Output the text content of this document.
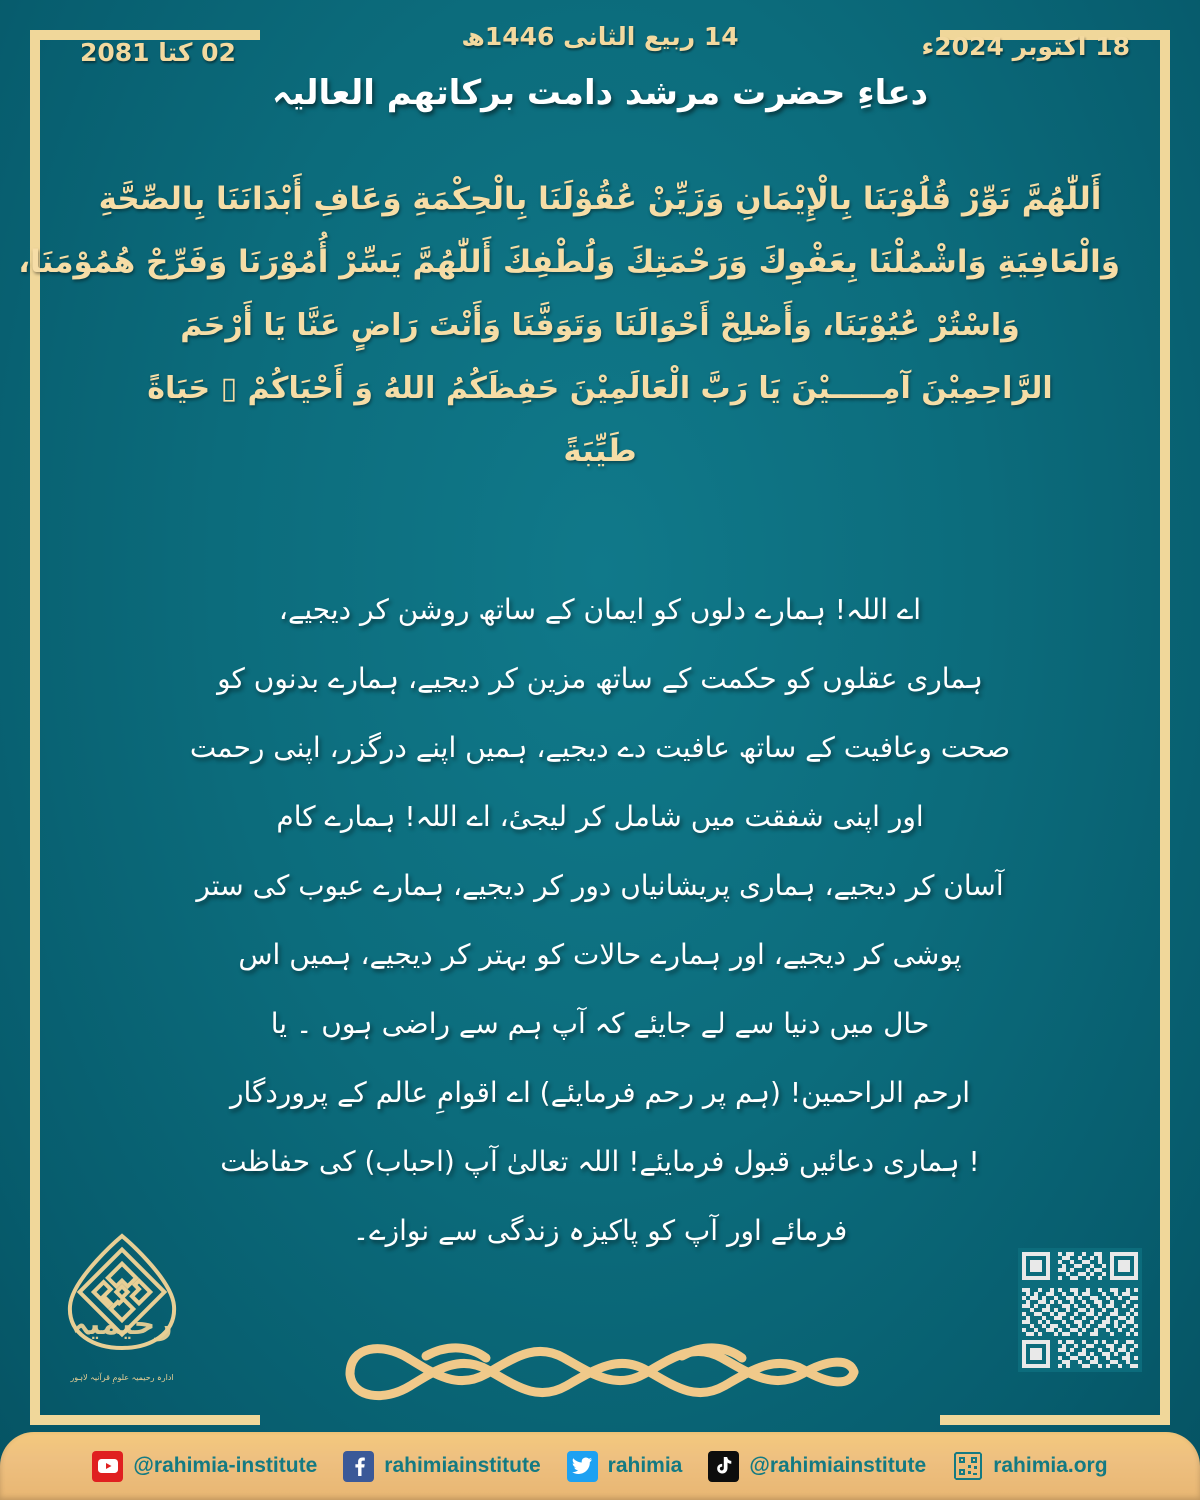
02 کتا 2081
14 ربیع الثانی 1446ھ	18 اکتوبر 2024ء
دعاءِ حضرت مرشد دامت برکاتھم العالیہ
أَللّٰهُمَّ نَوِّرْ قُلُوْبَنَا بِالْإِيْمَانِ وَزَيِّنْ عُقُوْلَنَا بِالْحِكْمَةِ وَعَافِ أَبْدَانَنَا بِالصِّحَّةِ
وَالْعَافِيَةِ وَاشْمُلْنَا بِعَفْوِكَ وَرَحْمَتِكَ وَلُطْفِكَ أَللّٰهُمَّ يَسِّرْ أُمُوْرَنَا وَفَرِّجْ هُمُوْمَنَا،
وَاسْتُرْ عُيُوْبَنَا، وَأَصْلِحْ أَحْوَالَنَا وَتَوَفَّنَا وَأَنْتَ رَاضٍ عَنَّا يَا أَرْحَمَ
الرَّاحِمِيْنَ آمِـــــيْنَ يَا رَبَّ الْعَالَمِيْنَ حَفِظَكُمُ اللهُ وَ أَحْيَاكُمْ ▯ حَيَاةً
طَيِّبَةً
اے اللہ! ہمارے دلوں کو ایمان کے ساتھ روشن کر دیجیے،
ہماری عقلوں کو حکمت کے ساتھ مزین کر دیجیے، ہمارے بدنوں کو
صحت وعافیت کے ساتھ عافیت دے دیجیے، ہمیں اپنے درگزر، اپنی رحمت
اور اپنی شفقت میں شامل کر لیجیٔ، اے اللہ! ہمارے کام
آسان کر دیجیے، ہماری پریشانیاں دور کر دیجیے، ہمارے عیوب کی ستر
پوشی کر دیجیے، اور ہمارے حالات کو بہتر کر دیجیے، ہمیں اس
حال میں دنیا سے لے جایئے کہ آپ ہم سے راضی ہوں ۔ یا
ارحم الراحمین! (ہم پر رحم فرمایئے) اے اقوامِ عالم کے پروردگار
! ہماری دعائیں قبول فرمایئے! اللہ تعالیٰ آپ (احباب) کی حفاظت
فرمائے اور آپ کو پاکیزہ زندگی سے نوازے۔
رحیمیہ
ادارہ رحیمیہ علومِ قرآنیہ لاہور
@rahimia-institute	rahimiainstitute	rahimia	@rahimiainstitute	rahimia.org
